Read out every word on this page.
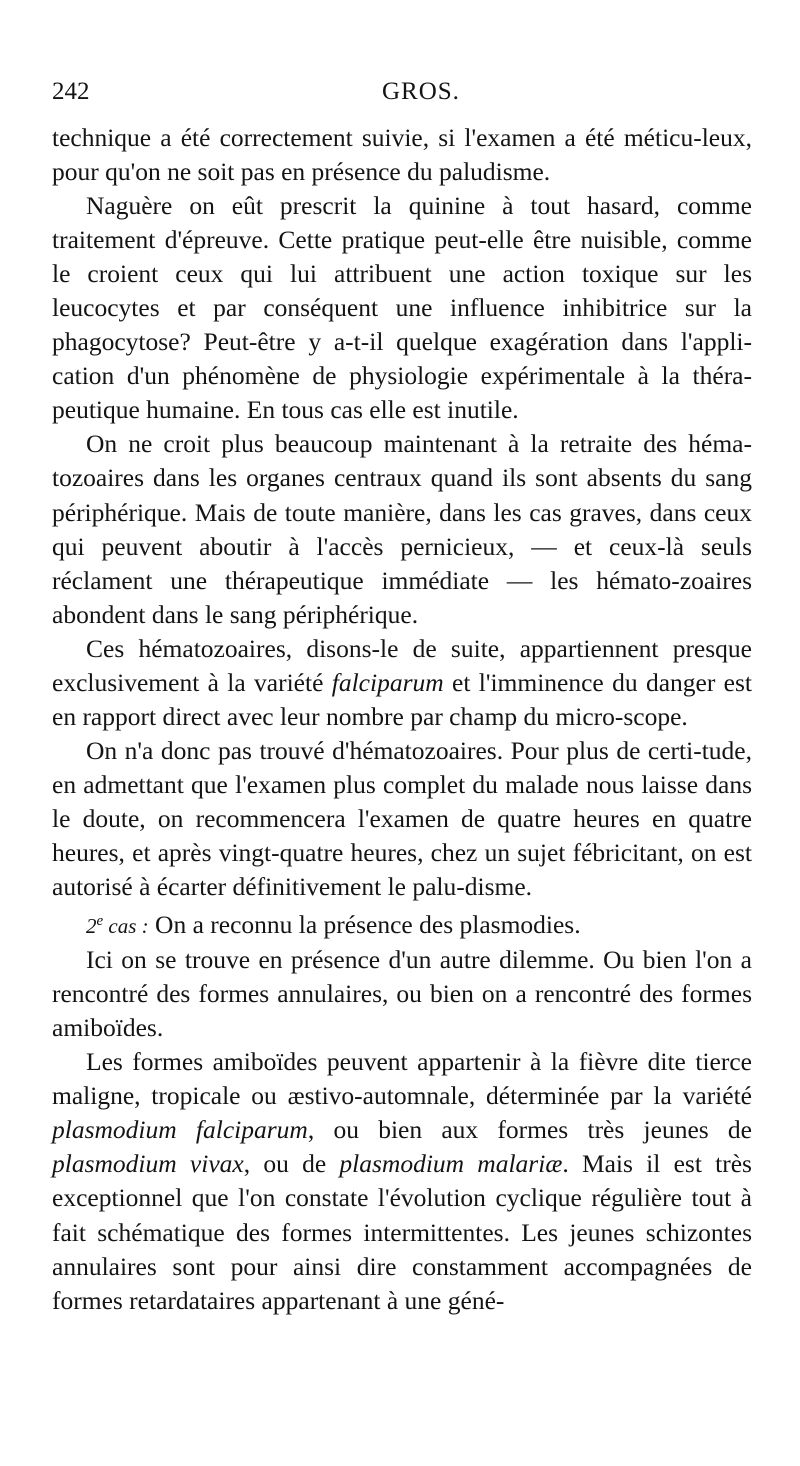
242	GROS.

technique a été correctement suivie, si l'examen a été méticu-leux, pour qu'on ne soit pas en présence du paludisme.

Naguère on eût prescrit la quinine à tout hasard, comme traitement d'épreuve. Cette pratique peut-elle être nuisible, comme le croient ceux qui lui attribuent une action toxique sur les leucocytes et par conséquent une influence inhibitrice sur la phagocytose? Peut-être y a-t-il quelque exagération dans l'appli-cation d'un phénomène de physiologie expérimentale à la théra-peutique humaine. En tous cas elle est inutile.

On ne croit plus beaucoup maintenant à la retraite des héma-tozoaires dans les organes centraux quand ils sont absents du sang périphérique. Mais de toute manière, dans les cas graves, dans ceux qui peuvent aboutir à l'accès pernicieux, — et ceux-là seuls réclament une thérapeutique immédiate — les hémato-zoaires abondent dans le sang périphérique.

Ces hématozoaires, disons-le de suite, appartiennent presque exclusivement à la variété falciparum et l'imminence du danger est en rapport direct avec leur nombre par champ du micro-scope.

On n'a donc pas trouvé d'hématozoaires. Pour plus de certi-tude, en admettant que l'examen plus complet du malade nous laisse dans le doute, on recommencera l'examen de quatre heures en quatre heures, et après vingt-quatre heures, chez un sujet fébricitant, on est autorisé à écarter définitivement le palu-disme.

2e cas : On a reconnu la présence des plasmodies.

Ici on se trouve en présence d'un autre dilemme. Ou bien l'on a rencontré des formes annulaires, ou bien on a rencontré des formes amiboïdes.

Les formes amiboïdes peuvent appartenir à la fièvre dite tierce maligne, tropicale ou æstivo-automnale, déterminée par la variété plasmodium falciparum, ou bien aux formes très jeunes de plasmodium vivax, ou de plasmodium malariæ. Mais il est très exceptionnel que l'on constate l'évolution cyclique régulière tout à fait schématique des formes intermittentes. Les jeunes schizontes annulaires sont pour ainsi dire constamment accompagnées de formes retardataires appartenant à une géné-
